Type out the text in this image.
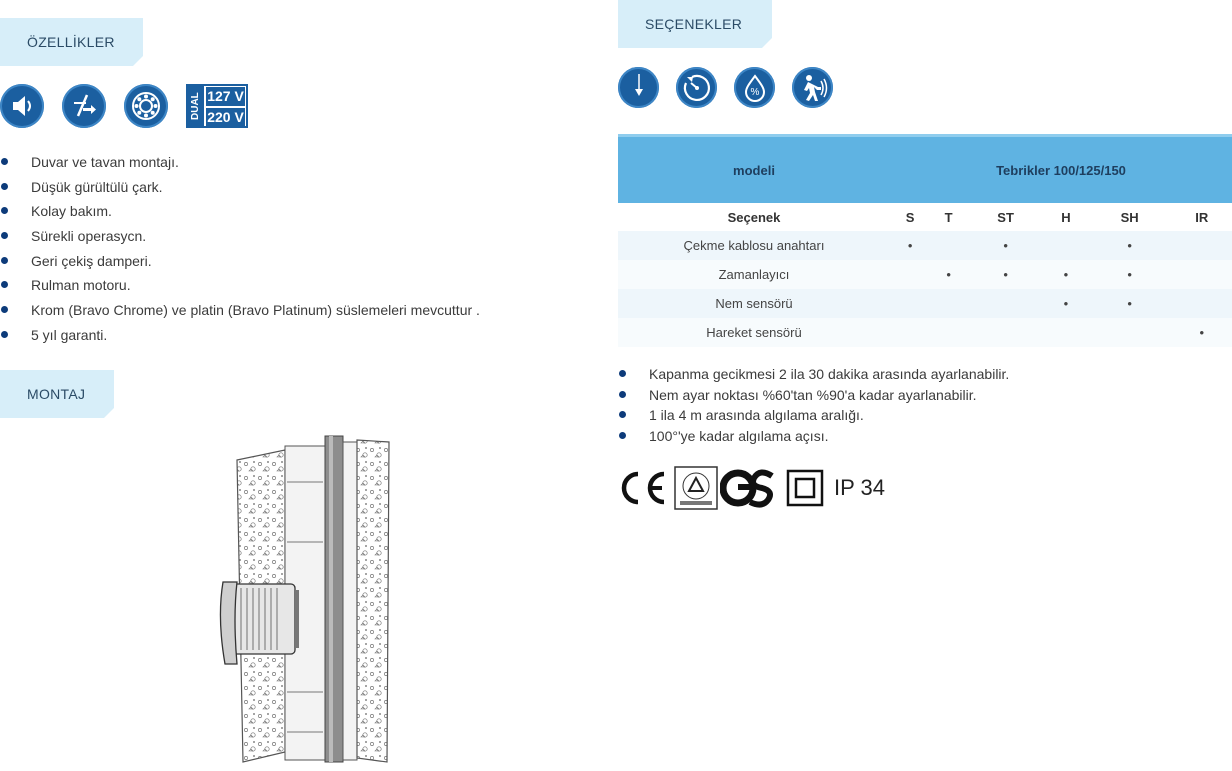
ÖZELLİKLER
DUAL 127 V
220 V
Duvar ve tavan montajı.
Düşük gürültülü çark.
Kolay bakım.
Sürekli operasycn.
Geri çekiş damperi.
Rulman motoru.
Krom (Bravo Chrome) ve platin (Bravo Platinum) süslemeleri mevcuttur .
5 yıl garanti.
MONTAJ
SEÇENEKLER
%
modeli	Tebrikler 100/125/150					
Seçenek	S	T	ST	H	SH	IR
Çekme kablosu anahtarı	•		•		•	
Zamanlayıcı		•	•	•	•	
Nem sensörü				•	•	
Hareket sensörü						•
Kapanma gecikmesi 2 ila 30 dakika arasında ayarlanabilir.
Nem ayar noktası %60'tan %90'a kadar ayarlanabilir.
1 ila 4 m arasında algılama aralığı.
100°'ye kadar algılama açısı.
IP 34
